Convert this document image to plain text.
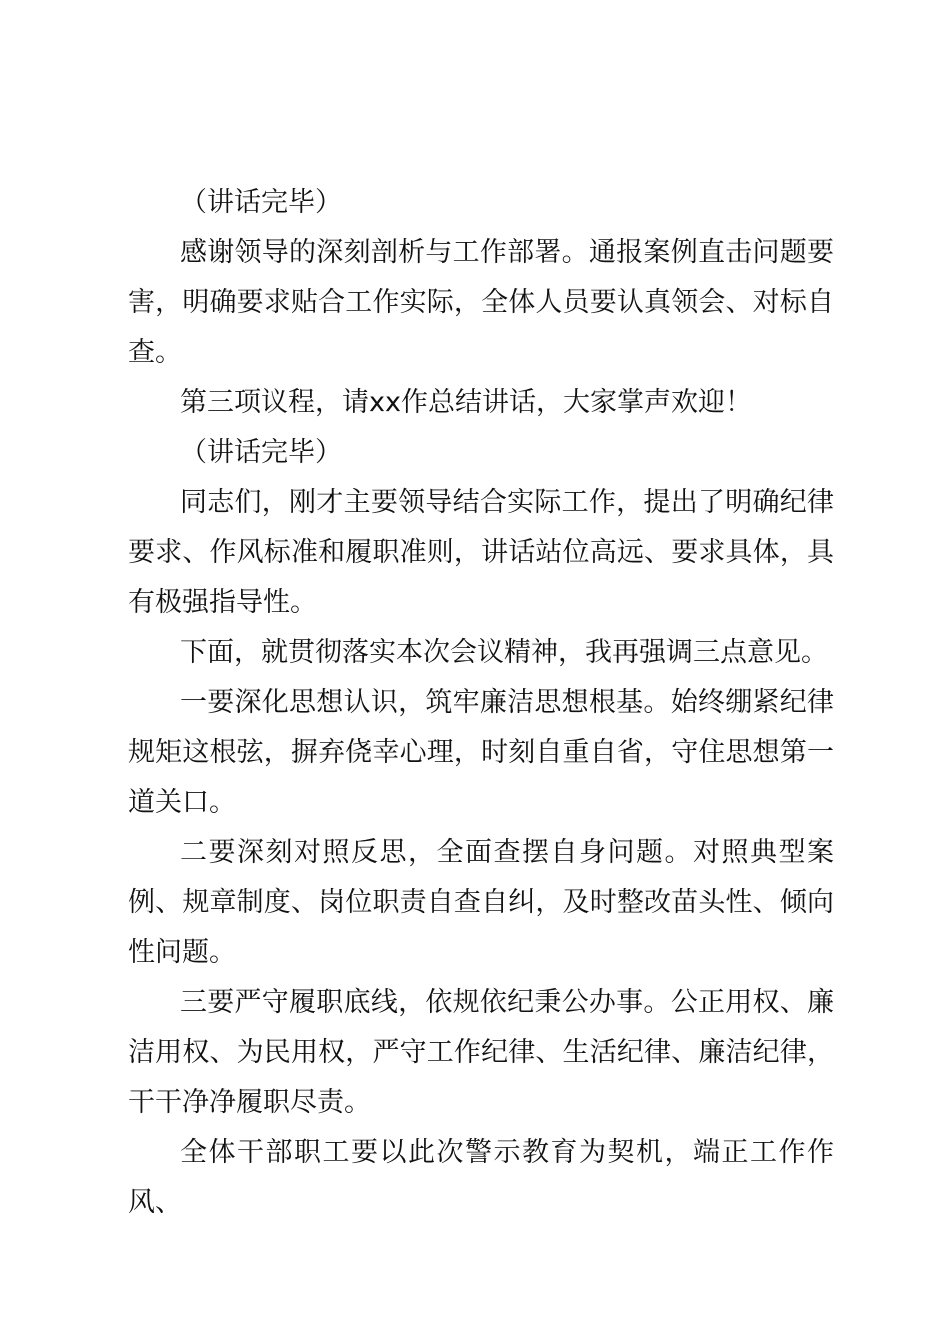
（讲话完毕）

感谢领导的深刻剖析与工作部署。通报案例直击问题要害，明确要求贴合工作实际，全体人员要认真领会、对标自查。

第三项议程，请xx作总结讲话，大家掌声欢迎！

（讲话完毕）

同志们，刚才主要领导结合实际工作，提出了明确纪律要求、作风标准和履职准则，讲话站位高远、要求具体，具有极强指导性。

下面，就贯彻落实本次会议精神，我再强调三点意见。

一要深化思想认识，筑牢廉洁思想根基。始终绷紧纪律规矩这根弦，摒弃侥幸心理，时刻自重自省，守住思想第一道关口。

二要深刻对照反思，全面查摆自身问题。对照典型案例、规章制度、岗位职责自查自纠，及时整改苗头性、倾向性问题。

三要严守履职底线，依规依纪秉公办事。公正用权、廉洁用权、为民用权，严守工作纪律、生活纪律、廉洁纪律，干干净净履职尽责。

全体干部职工要以此次警示教育为契机，端正工作作风、
